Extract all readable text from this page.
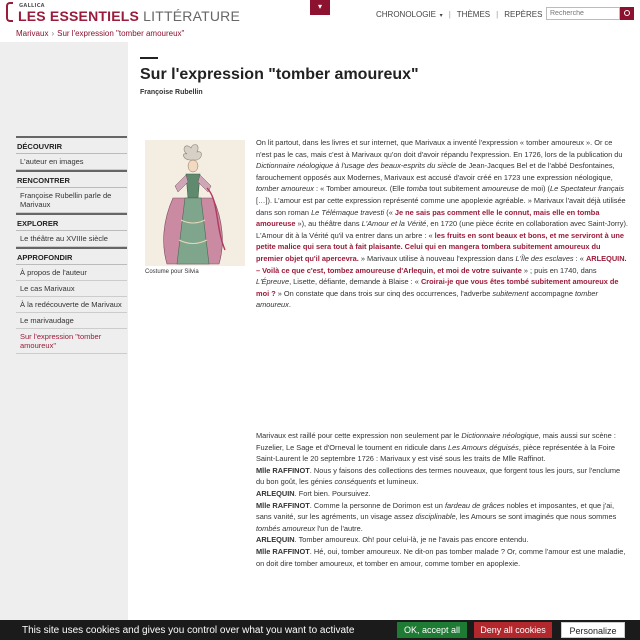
GALLICA
LES ESSENTIELS LITTÉRATURE
▾
CHRONOLOGIE ▾ | THÈMES | REPÈRES
Recherche
Marivaux › Sur l'expression "tomber amoureux"
Sur l'expression "tomber amoureux"
Françoise Rubellin
DÉCOUVRIR
L'auteur en images
RENCONTRER
Françoise Rubellin parle de Marivaux
EXPLORER
Le théâtre au XVIIIe siècle
APPROFONDIR
À propos de l'auteur
Le cas Marivaux
À la redécouverte de Marivaux
Le marivaudage
Sur l'expression "tomber amoureux"
Costume pour Silvia
On lit partout, dans les livres et sur internet, que Marivaux a inventé l'expression « tomber amoureux ». Or ce n'est pas le cas, mais c'est à Marivaux qu'on doit d'avoir répandu l'expression. En 1726, lors de la publication du Dictionnaire néologique à l'usage des beaux-esprits du siècle de Jean-Jacques Bel et de l'abbé Desfontaines, farouchement opposés aux Modernes, Marivaux est accusé d'avoir créé en 1723 une expression néologique, tomber amoureux : « Tomber amoureux. (Elle tomba tout subitement amoureuse de moi) (Le Spectateur français […]). L'amour est par cette expression représenté comme une apoplexie agréable. » Marivaux l'avait déjà utilisée dans son roman Le Télémaque travesti (« Je ne sais pas comment elle le connut, mais elle en tomba amoureuse »), au théâtre dans L'Amour et la Vérité, en 1720 (une pièce écrite en collaboration avec Saint-Jorry). L'Amour dit à la Vérité qu'il va entrer dans un arbre : « les fruits en sont beaux et bons, et me serviront à une petite malice qui sera tout à fait plaisante. Celui qui en mangera tombera subitement amoureux du premier objet qu'il apercevra. » Marivaux utilise à nouveau l'expression dans L'Île des esclaves : « ARLEQUIN. – Voilà ce que c'est, tombez amoureuse d'Arlequin, et moi de votre suivante » ; puis en 1740, dans L'Épreuve, Lisette, défiante, demande à Blaise : « Croirai-je que vous êtes tombé subitement amoureux de moi ? » On constate que dans trois sur cinq des occurrences, l'adverbe subitement accompagne tomber amoureux.

Marivaux est raillé pour cette expression non seulement par le Dictionnaire néologique, mais aussi sur scène : Fuzelier, Le Sage et d'Orneval le tournent en ridicule dans Les Amours déguisés, pièce représentée à la Foire Saint-Laurent le 20 septembre 1726 : Marivaux y est visé sous les traits de Mlle Raffinot.

Mlle RAFFINOT. Nous y faisons des collections des termes nouveaux, que forgent tous les jours, sur l'enclume du bon goût, les génies conséquents et lumineux.

ARLEQUIN. Fort bien. Poursuivez.

Mlle RAFFINOT. Comme la personne de Dorimon est un fardeau de grâces nobles et imposantes, et que j'ai, sans vanité, sur les agréments, un visage assez disciplinable, les Amours se sont imaginés que nous sommes tombés amoureux l'un de l'autre.

ARLEQUIN. Tomber amoureux. Oh! pour celui-là, je ne l'avais pas encore entendu.

Mlle RAFFINOT. Hé, oui, tomber amoureux. Ne dit-on pas tomber malade ? Or, comme l'amour est une maladie, on doit dire tomber amoureux, et tomber en amour, comme tomber en apoplexie.

This site uses cookies and gives you control over what you want to activate	OK, accept all	Deny all cookies	Personalize
